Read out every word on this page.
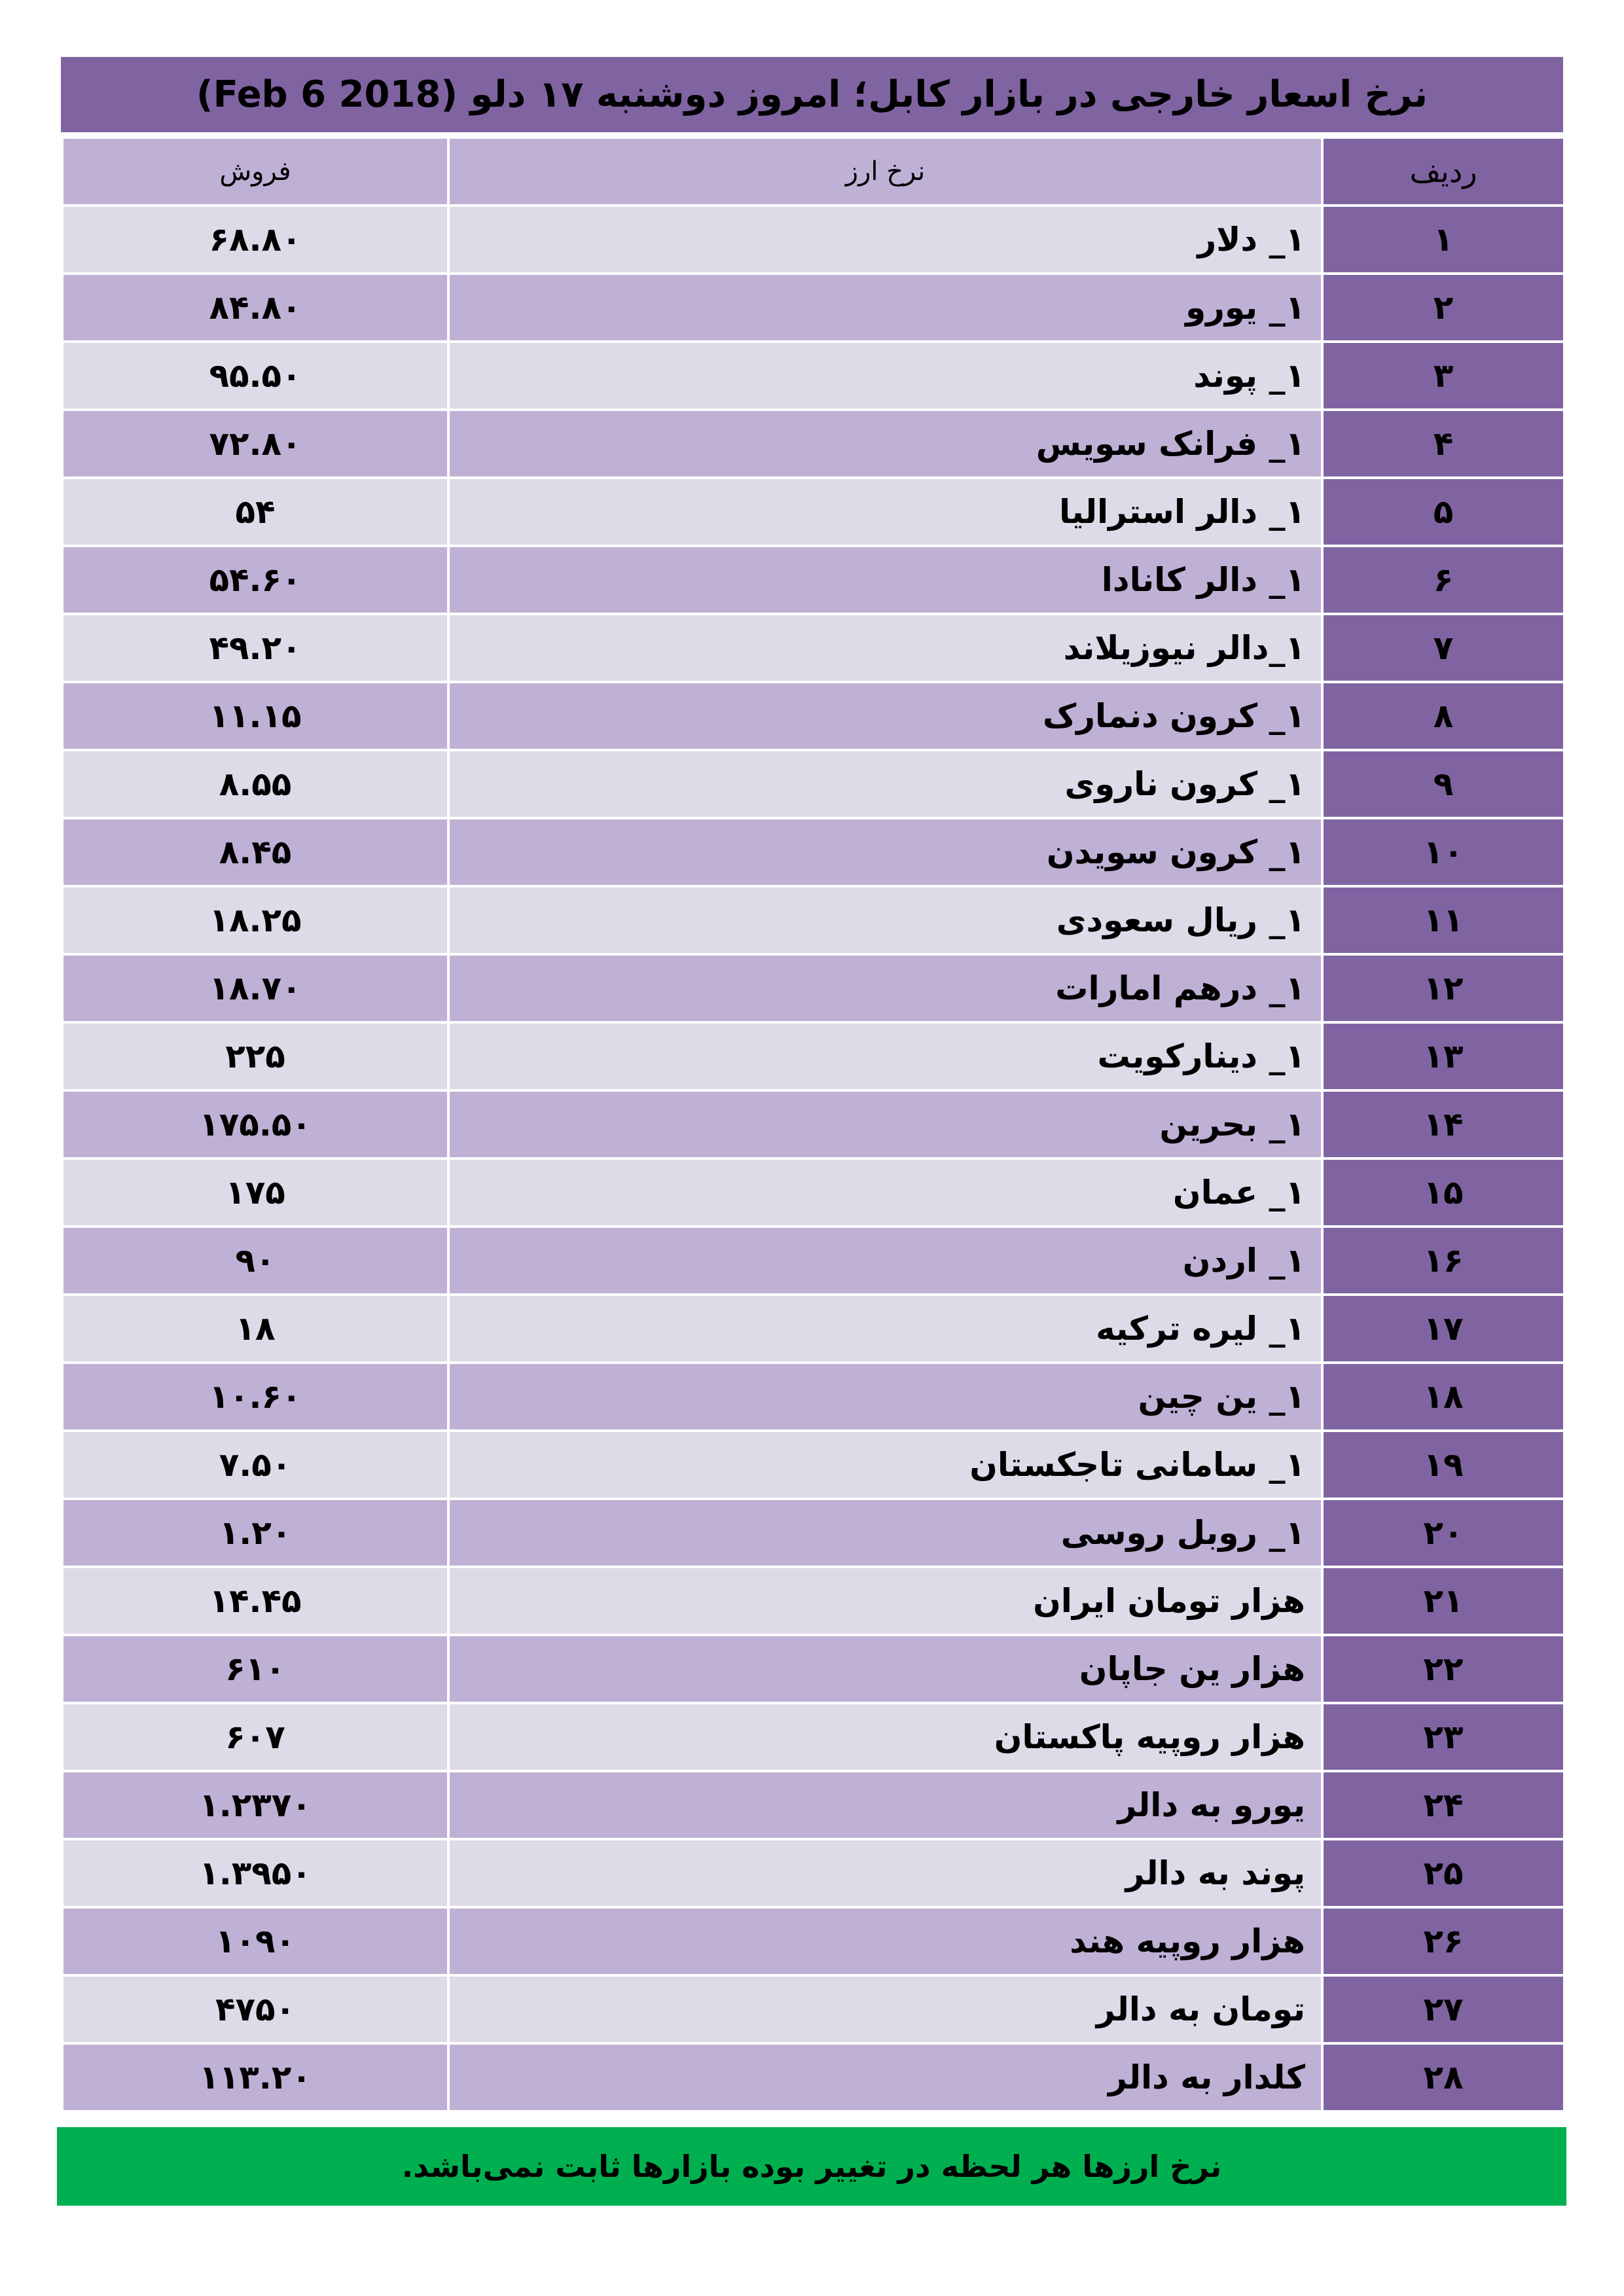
نرخ اسعار خارجی در بازار کابل؛ امروز دوشنبه ۱۷ دلو (Feb 6 2018)
ردیف	نرخ ارز	فروش
۱	۱_ دلار	۶۸.۸۰
۲	۱_ یورو	۸۴.۸۰
۳	۱_ پوند	۹۵.۵۰
۴	۱_ فرانک سویس	۷۲.۸۰
۵	۱_ دالر استرالیا	۵۴
۶	۱_ دالر کانادا	۵۴.۶۰
۷	۱_دالر نیوزیلاند	۴۹.۲۰
۸	۱_ کرون دنمارک	۱۱.۱۵
۹	۱_ کرون ناروی	۸.۵۵
۱۰	۱_ کرون سویدن	۸.۴۵
۱۱	۱_ ریال سعودی	۱۸.۲۵
۱۲	۱_ درهم امارات	۱۸.۷۰
۱۳	۱_ دینارکویت	۲۲۵
۱۴	۱_ بحرین	۱۷۵.۵۰
۱۵	۱_ عمان	۱۷۵
۱۶	۱_ اردن	۹۰
۱۷	۱_ لیره ترکیه	۱۸
۱۸	۱_ ین چین	۱۰.۶۰
۱۹	۱_ سامانی تاجکستان	۷.۵۰
۲۰	۱_ روبل روسی	۱.۲۰
۲۱	هزار تومان ایران	۱۴.۴۵
۲۲	هزار ین جاپان	۶۱۰
۲۳	هزار روپیه پاکستان	۶۰۷
۲۴	یورو به دالر	۱.۲۳۷۰
۲۵	پوند به دالر	۱.۳۹۵۰
۲۶	هزار روپیه هند	۱۰۹۰
۲۷	تومان به دالر	۴۷۵۰
۲۸	کلدار به دالر	۱۱۳.۲۰
نرخ ارزها هر لحظه در تغییر بوده بازارها ثابت نمی‌باشد.
